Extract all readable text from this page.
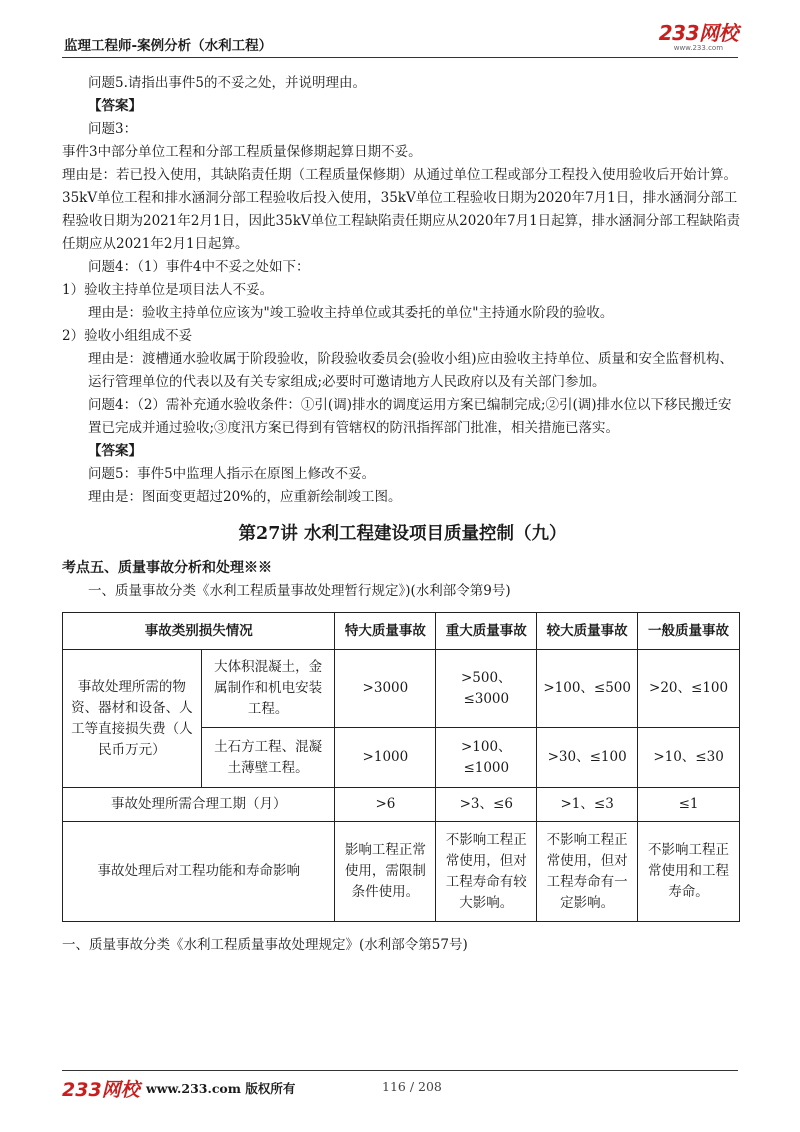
监理工程师-案例分析（水利工程）
233网校
www.233.com

问题5.请指出事件5的不妥之处，并说明理由。

【答案】

问题3：

事件3中部分单位工程和分部工程质量保修期起算日期不妥。

理由是：若已投入使用，其缺陷责任期（工程质量保修期）从通过单位工程或部分工程投入使用验收后开始计算。35kV单位工程和排水涵洞分部工程验收后投入使用，35kV单位工程验收日期为2020年7月1日，排水涵洞分部工程验收日期为2021年2月1日，因此35kV单位工程缺陷责任期应从2020年7月1日起算，排水涵洞分部工程缺陷责任期应从2021年2月1日起算。

问题4：（1）事件4中不妥之处如下：

1）验收主持单位是项目法人不妥。

理由是：验收主持单位应该为"竣工验收主持单位或其委托的单位"主持通水阶段的验收。

2）验收小组组成不妥

理由是：渡槽通水验收属于阶段验收，阶段验收委员会(验收小组)应由验收主持单位、质量和安全监督机构、运行管理单位的代表以及有关专家组成;必要时可邀请地方人民政府以及有关部门参加。

问题4：（2）需补充通水验收条件：①引(调)排水的调度运用方案已编制完成;②引(调)排水位以下移民搬迁安置已完成并通过验收;③度汛方案已得到有管辖权的防汛指挥部门批准，相关措施已落实。

【答案】

问题5：事件5中监理人指示在原图上修改不妥。

理由是：图面变更超过20%的，应重新绘制竣工图。

第27讲 水利工程建设项目质量控制（九）

考点五、质量事故分析和处理※※

一、质量事故分类《水利工程质量事故处理暂行规定》)(水利部令第9号)

事故类别损失情况		特大质量事故	重大质量事故	较大质量事故	一般质量事故
事故处理所需的物资、器材和设备、人工等直接损失费（人民币万元）	大体积混凝土，金属制作和机电安装工程。	>3000	>500、≤3000	>100、≤500	>20、≤100
	土石方工程、混凝土薄壁工程。	>1000	>100、≤1000	>30、≤100	>10、≤30
事故处理所需合理工期（月）		>6	>3、≤6	>1、≤3	≤1
事故处理后对工程功能和寿命影响		影响工程正常使用，需限制条件使用。	不影响工程正常使用，但对工程寿命有较大影响。	不影响工程正常使用，但对工程寿命有一定影响。	不影响工程正常使用和工程寿命。

一、质量事故分类《水利工程质量事故处理规定》(水利部令第57号)

233网校 www.233.com 版权所有	116 / 208
